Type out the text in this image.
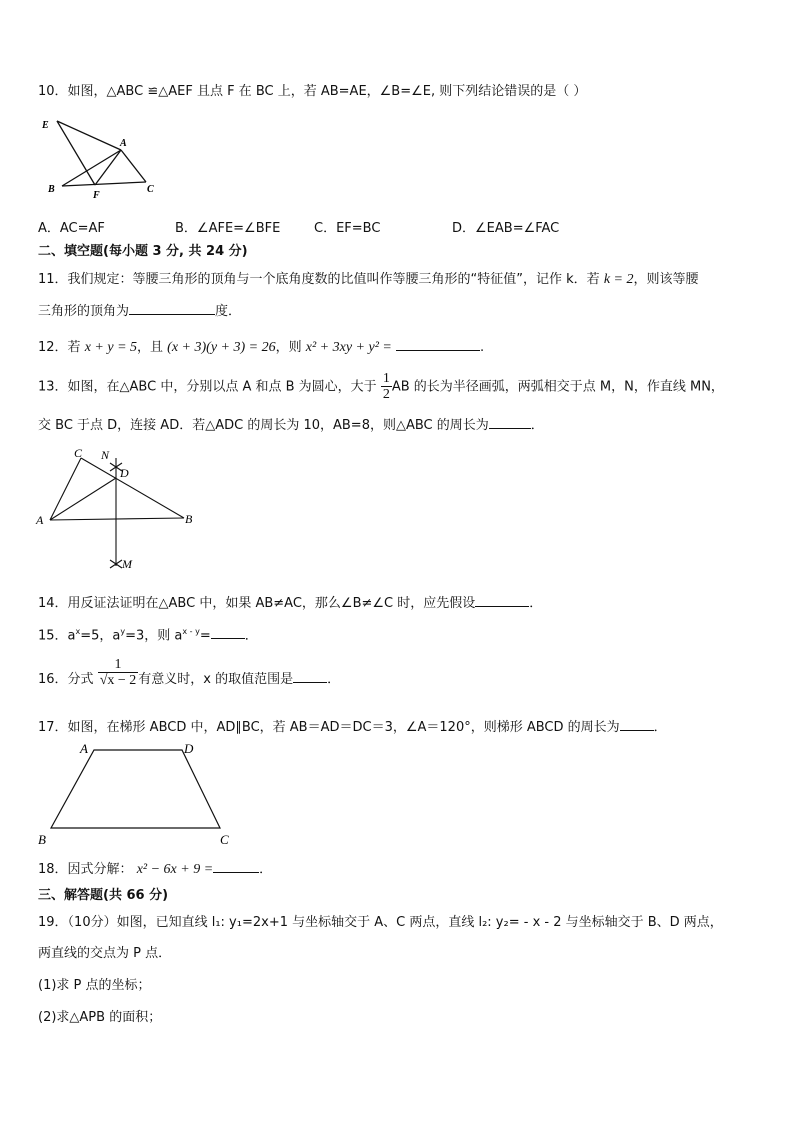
10．如图，△ABC ≌△AEF 且点 F 在 BC 上，若 AB=AE，∠B=∠E, 则下列结论错误的是（ ）
E
A
B
F
C
A．AC=AF	B．∠AFE=∠BFE	C．EF=BC	D．∠EAB=∠FAC
二、填空题(每小题 3 分, 共 24 分)
11．我们规定：等腰三角形的顶角与一个底角度数的比值叫作等腰三角形的“特征值”，记作 k．若 k = 2，则该等腰
三角形的顶角为	度．
12．若 x + y = 5，且 (x + 3)(y + 3) = 26，则 x² + 3xy + y² =	.
13．如图，在△ABC 中，分别以点 A 和点 B 为圆心，大于 $\frac{1}{2}$ AB 的长为半径画弧，两弧相交于点 M，N，作直线 MN，
交 BC 于点 D，连接 AD．若△ADC 的周长为 10，AB=8，则△ABC 的周长为	．
C N
D
A	B
M
14．用反证法证明在△ABC 中，如果 AB≠AC，那么∠B≠∠C 时，应先假设	．
15．$a^x=5$，$a^y=3$，则 $a^{x - y}=$	．
16．分式 $\frac{1}{√x - 2}$ 有意义时，x 的取值范围是	．
17．如图，在梯形 ABCD 中，AD∥BC，若 AB＝AD＝DC＝3，∠A＝120°，则梯形 ABCD 的周长为	．
A	D
B	C
18．因式分解： x² − 6x + 9 =	．
三、解答题(共 66 分)
19．（10分）如图，已知直线 l₁: y₁=2x+1 与坐标轴交于 A、C 两点，直线 l₂: y₂= - x - 2 与坐标轴交于 B、D 两点，
两直线的交点为 P 点．
(1)求 P 点的坐标；
(2)求△APB 的面积；
